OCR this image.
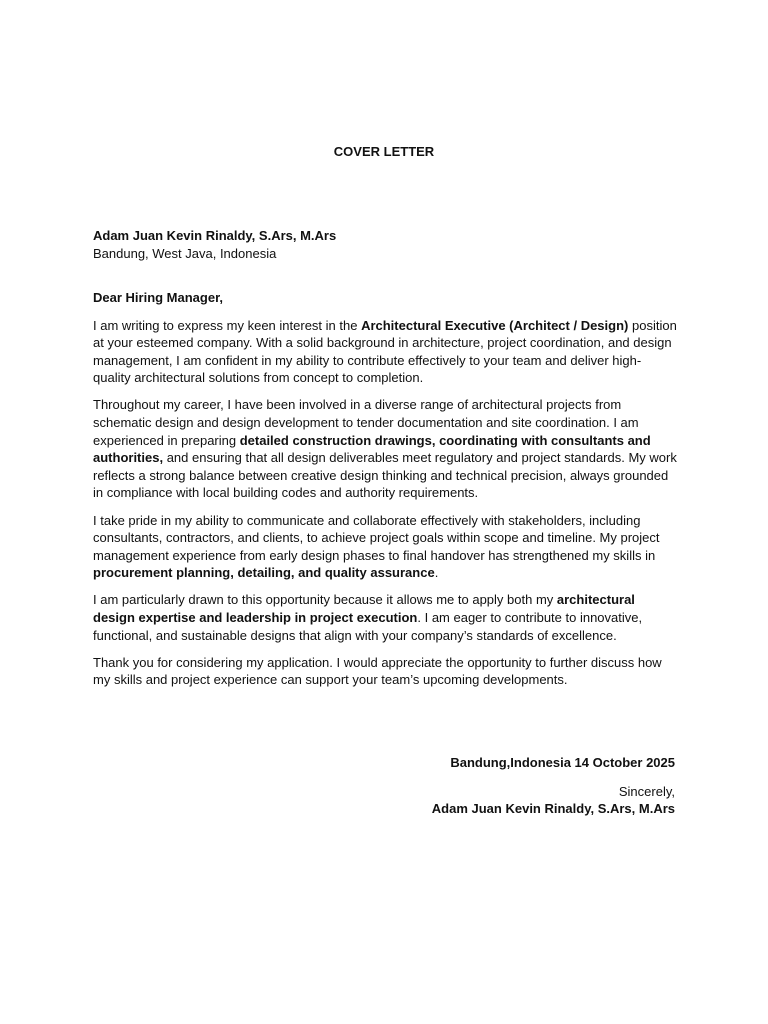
COVER LETTER
Adam Juan Kevin Rinaldy, S.Ars, M.Ars
Bandung, West Java, Indonesia

Dear Hiring Manager,

I am writing to express my keen interest in the Architectural Executive (Architect / Design) position at your esteemed company. With a solid background in architecture, project coordination, and design management, I am confident in my ability to contribute effectively to your team and deliver high-quality architectural solutions from concept to completion.

Throughout my career, I have been involved in a diverse range of architectural projects from schematic design and design development to tender documentation and site coordination. I am experienced in preparing detailed construction drawings, coordinating with consultants and authorities, and ensuring that all design deliverables meet regulatory and project standards. My work reflects a strong balance between creative design thinking and technical precision, always grounded in compliance with local building codes and authority requirements.

I take pride in my ability to communicate and collaborate effectively with stakeholders, including consultants, contractors, and clients, to achieve project goals within scope and timeline. My project management experience from early design phases to final handover has strengthened my skills in procurement planning, detailing, and quality assurance.

I am particularly drawn to this opportunity because it allows me to apply both my architectural design expertise and leadership in project execution. I am eager to contribute to innovative, functional, and sustainable designs that align with your company’s standards of excellence.

Thank you for considering my application. I would appreciate the opportunity to further discuss how my skills and project experience can support your team’s upcoming developments.

Bandung,Indonesia 14 October 2025
Sincerely,
Adam Juan Kevin Rinaldy, S.Ars, M.Ars
